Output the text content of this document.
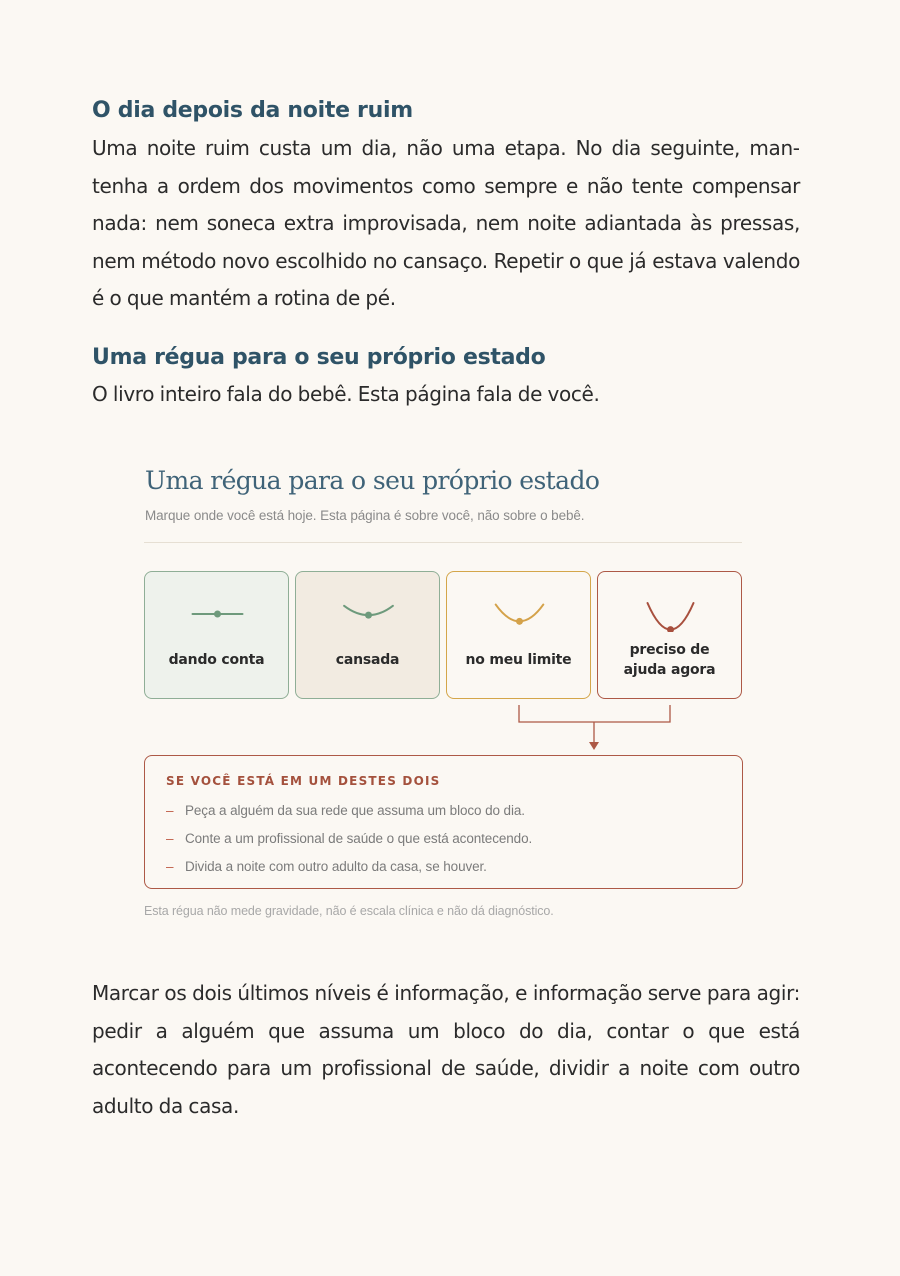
O dia depois da noite ruim

Uma noite ruim custa um dia, não uma etapa. No dia seguinte, mantenha a ordem dos movimentos como sempre e não tente compensar nada: nem soneca extra improvisada, nem noite adiantada às pressas, nem método novo escolhido no cansaço. Repetir o que já estava valendo é o que mantém a rotina de pé.

Uma régua para o seu próprio estado

O livro inteiro fala do bebê. Esta página fala de você.

Marcar os dois últimos níveis é informação, e informação serve para agir: pedir a alguém que assuma um bloco do dia, contar o que está acontecendo para um profissional de saúde, dividir a noite com outro adulto da casa.

Uma régua para o seu próprio estado
Marque onde você está hoje. Esta página é sobre você, não sobre o bebê.
dando conta	cansada	no meu limite
preciso de ajuda agora
SE VOCÊ ESTÁ EM UM DESTES DOIS
– Peça a alguém da sua rede que assuma um bloco do dia.
– Conte a um profissional de saúde o que está acontecendo.
– Divida a noite com outro adulto da casa, se houver.
Esta régua não mede gravidade, não é escala clínica e não dá diagnóstico.
